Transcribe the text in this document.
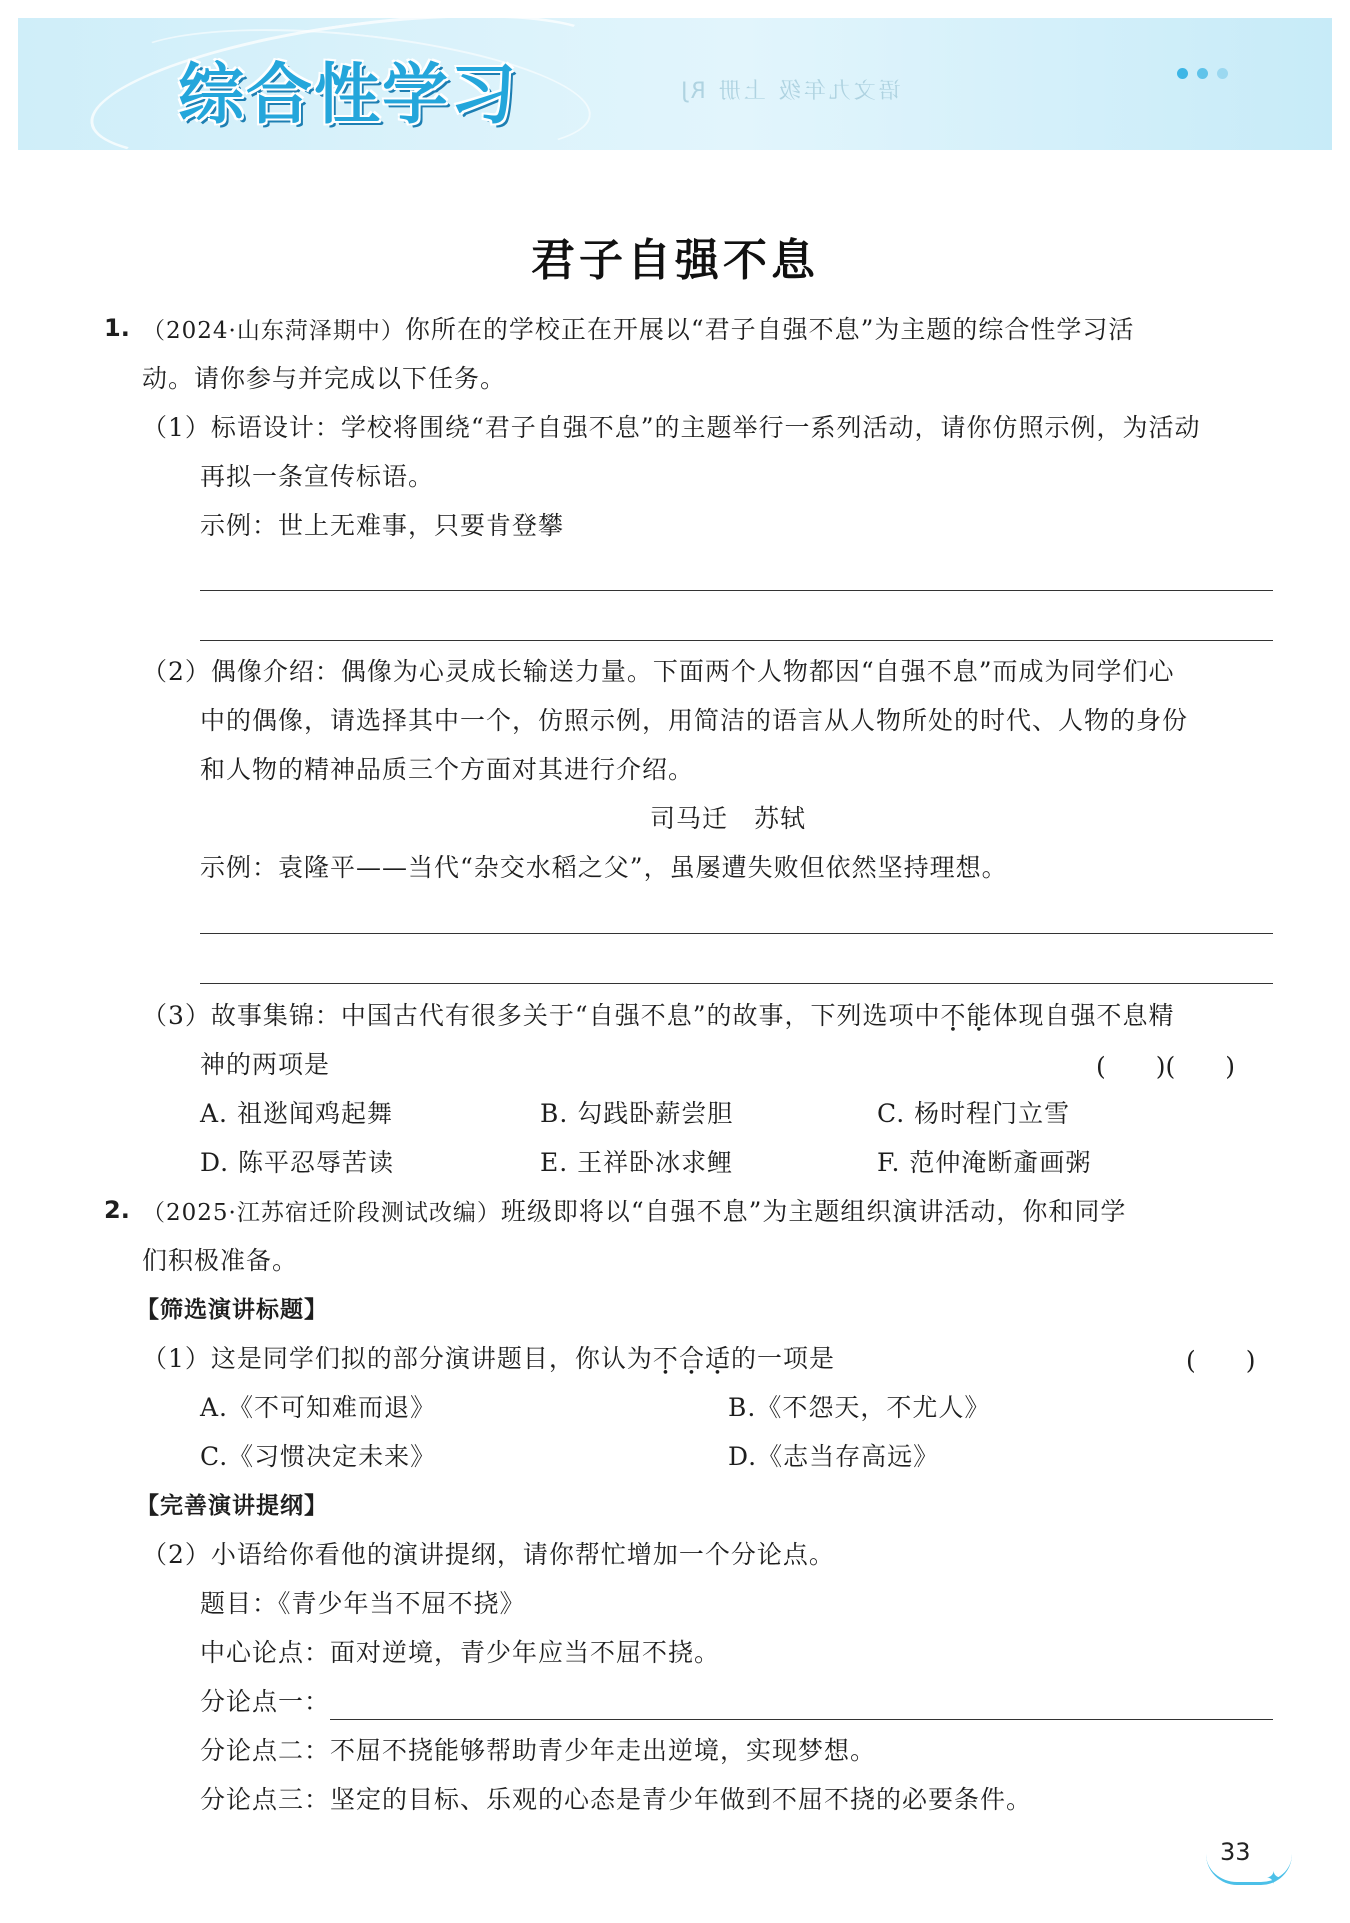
综合性学习	语文九年级 上册 RJ
君子自强不息
1. （2024·山东菏泽期中）你所在的学校正在开展以“君子自强不息”为主题的综合性学习活
动。请你参与并完成以下任务。
（1）标语设计：学校将围绕“君子自强不息”的主题举行一系列活动，请你仿照示例，为活动
再拟一条宣传标语。
示例：世上无难事，只要肯登攀
（2）偶像介绍：偶像为心灵成长输送力量。下面两个人物都因“自强不息”而成为同学们心
中的偶像，请选择其中一个，仿照示例，用简洁的语言从人物所处的时代、人物的身份
和人物的精神品质三个方面对其进行介绍。
司马迁　苏轼
示例：袁隆平——当代“杂交水稻之父”，虽屡遭失败但依然坚持理想。
（3）故事集锦：中国古代有很多关于“自强不息”的故事，下列选项中不能体现自强不息精
神的两项是	(　　)(　　)
A. 祖逖闻鸡起舞	B. 勾践卧薪尝胆	C. 杨时程门立雪
D. 陈平忍辱苦读	E. 王祥卧冰求鲤	F. 范仲淹断齑画粥
2. （2025·江苏宿迁阶段测试改编）班级即将以“自强不息”为主题组织演讲活动，你和同学
们积极准备。
【筛选演讲标题】
（1）这是同学们拟的部分演讲题目，你认为不合适的一项是	(　　)
A.《不可知难而退》	B.《不怨天，不尤人》
C.《习惯决定未来》	D.《志当存高远》
【完善演讲提纲】
（2）小语给你看他的演讲提纲，请你帮忙增加一个分论点。
题目：《青少年当不屈不挠》
中心论点：面对逆境，青少年应当不屈不挠。
分论点一：
分论点二：不屈不挠能够帮助青少年走出逆境，实现梦想。
分论点三：坚定的目标、乐观的心态是青少年做到不屈不挠的必要条件。
✦
33
